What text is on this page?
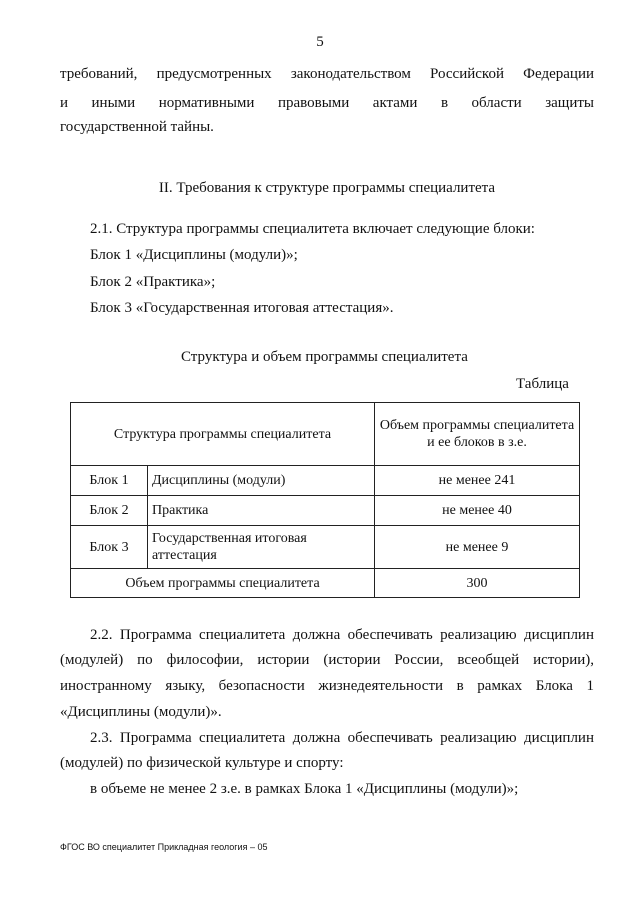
5
требований, предусмотренных законодательством Российской Федерации
и иными нормативными правовыми актами в области защиты
государственной тайны.
II. Требования к структуре программы специалитета
2.1. Структура программы специалитета включает следующие блоки:
Блок 1 «Дисциплины (модули)»;
Блок 2 «Практика»;
Блок 3 «Государственная итоговая аттестация».
Структура и объем программы специалитета
Таблица
Структура программы специалитета		Объем программы специалитета и ее блоков в з.е.
Блок 1	Дисциплины (модули)	не менее 241
Блок 2	Практика	не менее 40
Блок 3	Государственная итоговая аттестация	не менее 9
Объем программы специалитета		300
2.2. Программа специалитета должна обеспечивать реализацию дисциплин
(модулей) по философии, истории (истории России, всеобщей истории),
иностранному языку, безопасности жизнедеятельности в рамках Блока 1
«Дисциплины (модули)».
2.3. Программа специалитета должна обеспечивать реализацию дисциплин
(модулей) по физической культуре и спорту:
в объеме не менее 2 з.е. в рамках Блока 1 «Дисциплины (модули)»;
ФГОС ВО специалитет Прикладная геология – 05
